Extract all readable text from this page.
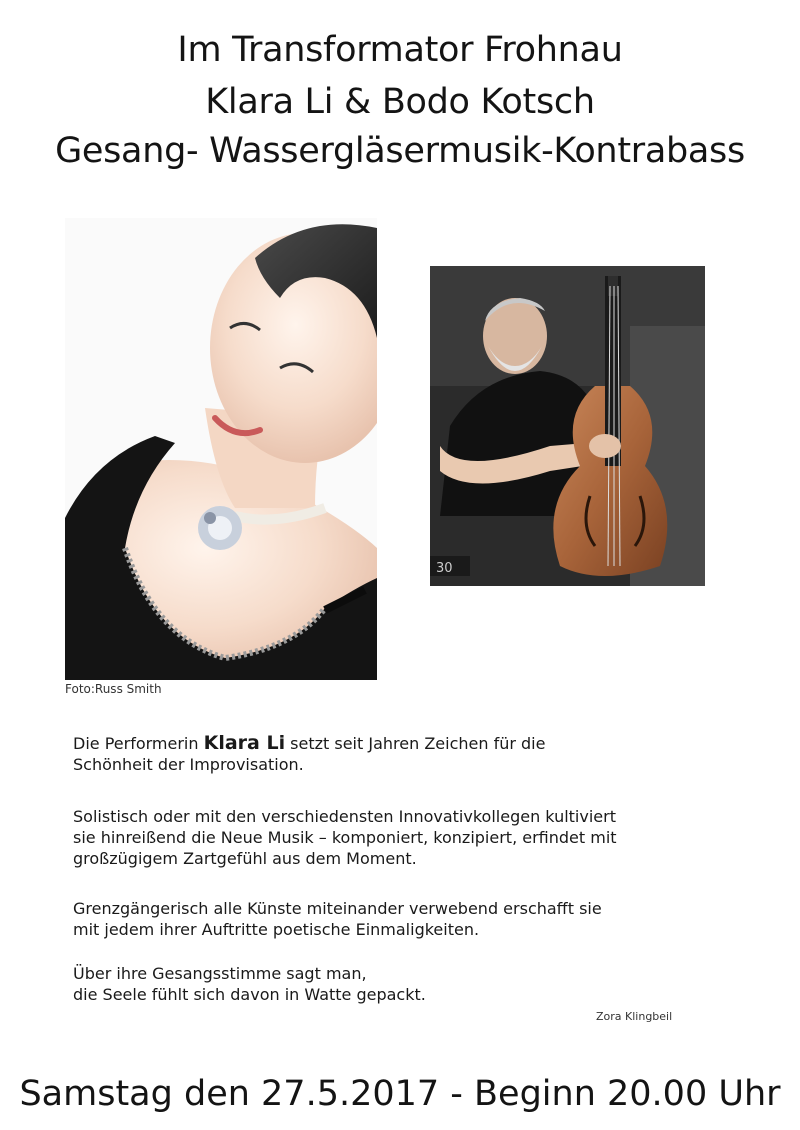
Im Transformator Frohnau
Klara Li & Bodo Kotsch
Gesang- Wassergläsermusik-Kontrabass
Foto:Russ Smith
30
Die Performerin Klara Li setzt seit Jahren Zeichen für die
Schönheit der Improvisation.
Solistisch oder mit den verschiedensten Innovativkollegen kultiviert
sie hinreißend die Neue Musik – komponiert, konzipiert, erfindet mit
großzügigem Zartgefühl aus dem Moment.
Grenzgängerisch alle Künste miteinander verwebend erschafft sie
mit jedem ihrer Auftritte poetische Einmaligkeiten.
Über ihre Gesangsstimme sagt man,
die Seele fühlt sich davon in Watte gepackt.
Zora Klingbeil
Samstag den 27.5.2017 - Beginn 20.00 Uhr
